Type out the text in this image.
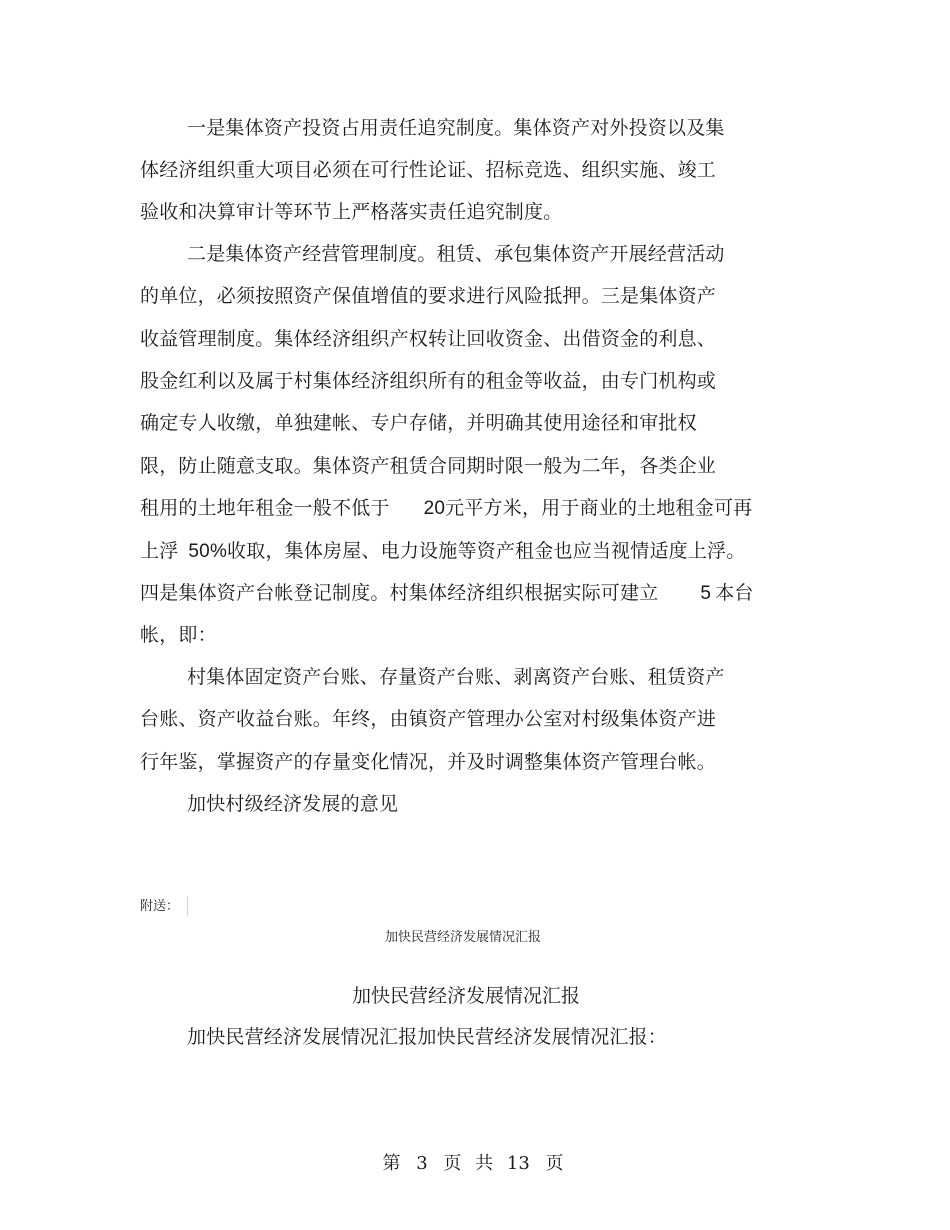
一是集体资产投资占用责任追究制度。集体资产对外投资以及集
体经济组织重大项目必须在可行性论证、招标竞选、组织实施、竣工
验收和决算审计等环节上严格落实责任追究制度。
二是集体资产经营管理制度。租赁、承包集体资产开展经营活动
的单位，必须按照资产保值增值的要求进行风险抵押。三是集体资产
收益管理制度。集体经济组织产权转让回收资金、出借资金的利息、
股金红利以及属于村集体经济组织所有的租金等收益，由专门机构或
确定专人收缴，单独建帐、专户存储，并明确其使用途径和审批权
限，防止随意支取。集体资产租赁合同期时限一般为二年，各类企业
租用的土地年租金一般不低于 20元平方米，用于商业的土地租金可再
上浮 50%收取，集体房屋、电力设施等资产租金也应当视情适度上浮。
四是集体资产台帐登记制度。村集体经济组织根据实际可建立 5 本台
帐，即：
村集体固定资产台账、存量资产台账、剥离资产台账、租赁资产
台账、资产收益台账。年终，由镇资产管理办公室对村级集体资产进
行年鉴，掌握资产的存量变化情况，并及时调整集体资产管理台帐。
加快村级经济发展的意见
附送：
加快民营经济发展情况汇报
加快民营经济发展情况汇报
加快民营经济发展情况汇报加快民营经济发展情况汇报：
第 3 页 共 13 页
